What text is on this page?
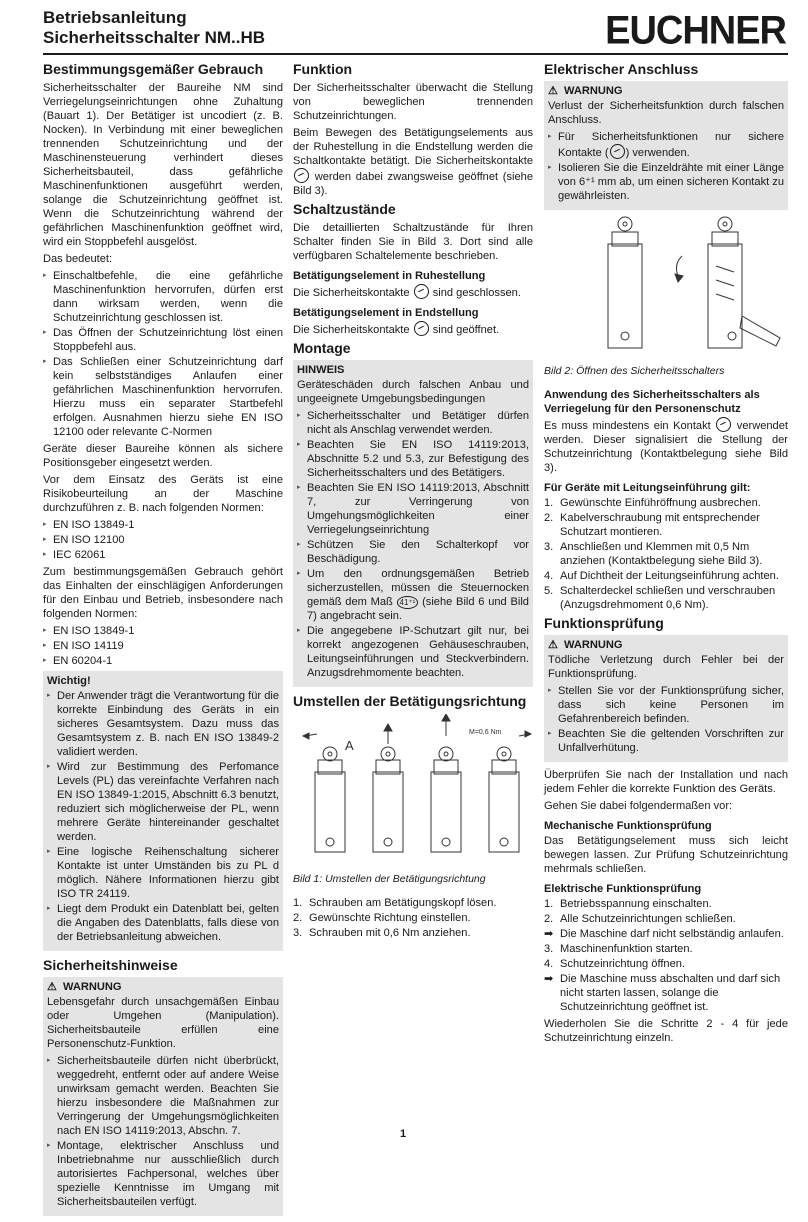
Betriebsanleitung
Sicherheitsschalter NM..HB	EUCHNER
Bestimmungsgemäßer Gebrauch

Sicherheitsschalter der Baureihe NM sind Verriegelungseinrichtungen ohne Zuhaltung (Bauart 1). Der Betätiger ist uncodiert (z. B. Nocken). In Verbindung mit einer beweglichen trennenden Schutzeinrichtung und der Maschinensteuerung verhindert dieses Sicherheitsbauteil, dass gefährliche Maschinenfunktionen ausgeführt werden, solange die Schutzeinrichtung geöffnet ist. Wenn die Schutzeinrichtung während der gefährlichen Maschinenfunktion geöffnet wird, wird ein Stoppbefehl ausgelöst.

Das bedeutet:

▸ Einschaltbefehle, die eine gefährliche Maschinenfunktion hervorrufen, dürfen erst dann wirksam werden, wenn die Schutzeinrichtung geschlossen ist.
▸ Das Öffnen der Schutzeinrichtung löst einen Stoppbefehl aus.
▸ Das Schließen einer Schutzeinrichtung darf kein selbstständiges Anlaufen einer gefährlichen Maschinenfunktion hervorrufen. Hierzu muss ein separater Startbefehl erfolgen. Ausnahmen hierzu siehe EN ISO 12100 oder relevante C-Normen

Geräte dieser Baureihe können als sichere Positionsgeber eingesetzt werden.

Vor dem Einsatz des Geräts ist eine Risikobeurteilung an der Maschine durchzuführen z. B. nach folgenden Normen:

▸ EN ISO 13849-1
▸ EN ISO 12100
▸ IEC 62061

Zum bestimmungsgemäßen Gebrauch gehört das Einhalten der einschlägigen Anforderungen für den Einbau und Betrieb, insbesondere nach folgenden Normen:

▸ EN ISO 13849-1
▸ EN ISO 14119
▸ EN 60204-1
Wichtig!
▸ Der Anwender trägt die Verantwortung für die korrekte Einbindung des Geräts in ein sicheres Gesamtsystem. Dazu muss das Gesamtsystem z. B. nach EN ISO 13849-2 validiert werden.
▸ Wird zur Bestimmung des Perfomance Levels (PL) das vereinfachte Verfahren nach EN ISO 13849-1:2015, Abschnitt 6.3 benutzt, reduziert sich möglicherweise der PL, wenn mehrere Geräte hintereinander geschaltet werden.
▸ Eine logische Reihenschaltung sicherer Kontakte ist unter Umständen bis zu PL d möglich. Nähere Informationen hierzu gibt ISO TR 24119.
▸ Liegt dem Produkt ein Datenblatt bei, gelten die Angaben des Datenblatts, falls diese von der Betriebsanleitung abweichen.
Sicherheitshinweise
⚠ WARNUNG

Lebensgefahr durch unsachgemäßen Einbau oder Umgehen (Manipulation). Sicherheitsbauteile erfüllen eine Personenschutz-Funktion.

▸ Sicherheitsbauteile dürfen nicht überbrückt, weggedreht, entfernt oder auf andere Weise unwirksam gemacht werden. Beachten Sie hierzu insbesondere die Maßnahmen zur Verringerung der Umgehungsmöglichkeiten nach EN ISO 14119:2013, Abschn. 7.
▸ Montage, elektrischer Anschluss und Inbetriebnahme nur ausschließlich durch autorisiertes Fachpersonal, welches über spezielle Kenntnisse im Umgang mit Sicherheitsbauteilen verfügt.
Funktion

Der Sicherheitsschalter überwacht die Stellung von beweglichen trennenden Schutzeinrichtungen.

Beim Bewegen des Betätigungselements aus der Ruhestellung in die Endstellung werden die Schaltkontakte betätigt. Die Sicherheitskontakte  werden dabei zwangsweise geöffnet (siehe Bild 3).

Schaltzustände

Die detaillierten Schaltzustände für Ihren Schalter finden Sie in Bild 3. Dort sind alle verfügbaren Schaltelemente beschrieben.

Betätigungselement in Ruhestellung

Die Sicherheitskontakte sind geschlossen.

Betätigungselement in Endstellung

Die Sicherheitskontakte sind geöffnet.

Montage
HINWEIS

Geräteschäden durch falschen Anbau und ungeeignete Umgebungsbedingungen

▸ Sicherheitsschalter und Betätiger dürfen nicht als Anschlag verwendet werden.
▸ Beachten Sie EN ISO 14119:2013, Abschnitte 5.2 und 5.3, zur Befestigung des Sicherheitsschalters und des Betätigers.
▸ Beachten Sie EN ISO 14119:2013, Abschnitt 7, zur Verringerung von Umgehungsmöglichkeiten einer Verriegelungseinrichtung
▸ Schützen Sie den Schalterkopf vor Beschädigung.
▸ Um den ordnungsgemäßen Betrieb sicherzustellen, müssen die Steuernocken gemäß dem Maß 41⁺¹ (siehe Bild 6 und Bild 7) angebracht sein.
▸ Die angegebene IP-Schutzart gilt nur, bei korrekt angezogenen Gehäuseschrauben, Leitungseinführungen und Steckverbindern. Anzugsdrehmomente beachten.
Umstellen der Betätigungsrichtung
A
M=0,6 Nm
Bild 1: Umstellen der Betätigungsrichtung
1. Schrauben am Betätigungskopf lösen.
2. Gewünschte Richtung einstellen.
3. Schrauben mit 0,6 Nm anziehen.
Elektrischer Anschluss
⚠ WARNUNG

Verlust der Sicherheitsfunktion durch falschen Anschluss.

▸ Für Sicherheitsfunktionen nur sichere Kontakte ( ) verwenden.
▸ Isolieren Sie die Einzeldrähte mit einer Länge von 6⁺¹ mm ab, um einen sicheren Kontakt zu gewährleisten.
Bild 2: Öffnen des Sicherheitsschalters
Anwendung des Sicherheitsschalters als Verriegelung für den Personenschutz

Es muss mindestens ein Kontakt verwendet werden. Dieser signalisiert die Stellung der Schutzeinrichtung (Kontaktbelegung siehe Bild 3).

Für Geräte mit Leitungseinführung gilt:
1. Gewünschte Einführöffnung ausbrechen.
2. Kabelverschraubung mit entsprechender Schutzart montieren.
3. Anschließen und Klemmen mit 0,5 Nm anziehen (Kontaktbelegung siehe Bild 3).
4. Auf Dichtheit der Leitungseinführung achten.
5. Schalterdeckel schließen und verschrauben (Anzugsdrehmoment 0,6 Nm).
Funktionsprüfung
⚠ WARNUNG

Tödliche Verletzung durch Fehler bei der Funktionsprüfung.

▸ Stellen Sie vor der Funktionsprüfung sicher, dass sich keine Personen im Gefahrenbereich befinden.
▸ Beachten Sie die geltenden Vorschriften zur Unfallverhütung.

Überprüfen Sie nach der Installation und nach jedem Fehler die korrekte Funktion des Geräts.

Gehen Sie dabei folgendermaßen vor:

Mechanische Funktionsprüfung

Das Betätigungselement muss sich leicht bewegen lassen. Zur Prüfung Schutzeinrichtung mehrmals schließen.

Elektrische Funktionsprüfung
1. Betriebsspannung einschalten.
2. Alle Schutzeinrichtungen schließen.
➡ Die Maschine darf nicht selbständig anlaufen.
3. Maschinenfunktion starten.
4. Schutzeinrichtung öffnen.
➡ Die Maschine muss abschalten und darf sich nicht starten lassen, solange die Schutzeinrichtung geöffnet ist.

Wiederholen Sie die Schritte 2 - 4 für jede Schutzeinrichtung einzeln.

1
